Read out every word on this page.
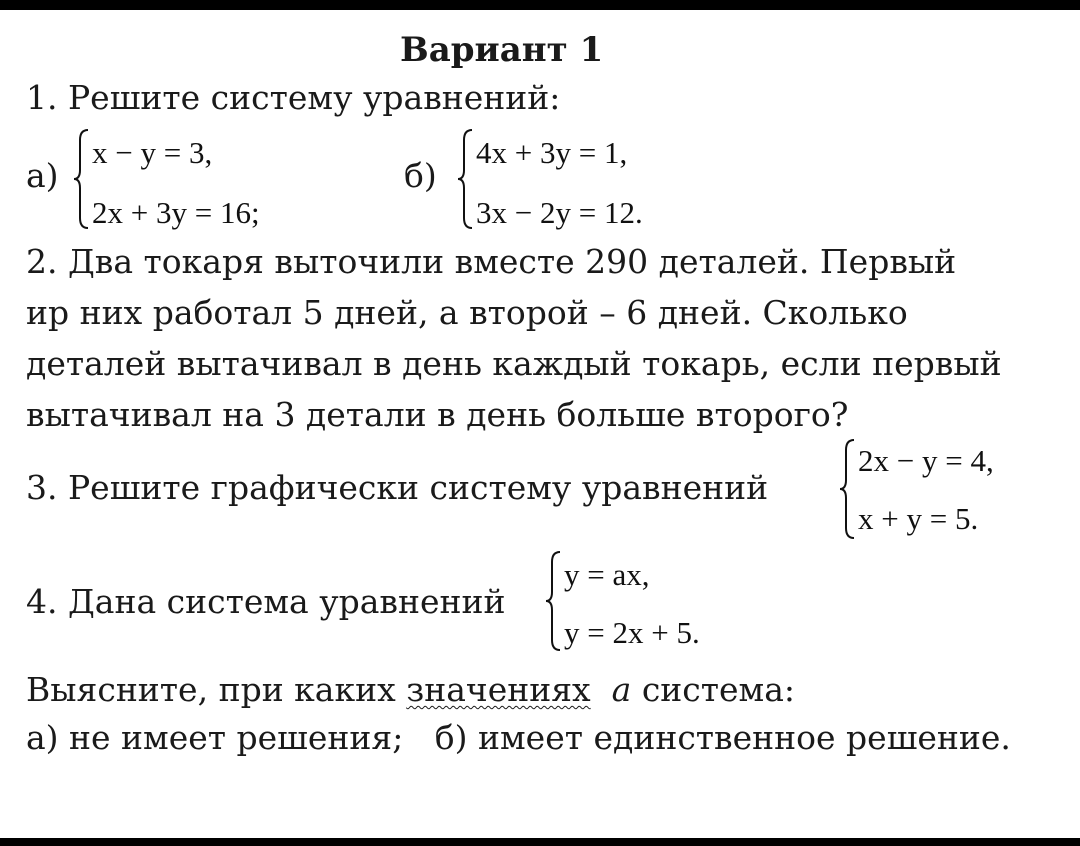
Вариант 1
1. Решите систему уравнений:
а)
x − y = 3,
2x + 3y = 16;
б)
4x + 3y = 1,
3x − 2y = 12.
2. Два токаря выточили вместе 290 деталей. Первый
ир них работал 5 дней, а второй – 6 дней. Сколько
деталей вытачивал в день каждый токарь, если первый
вытачивал на 3 детали в день больше второго?
3. Решите графически систему уравнений
2x − y = 4,
x + y = 5.
4. Дана система уравнений
y = ax,
y = 2x + 5.
Выясните, при каких значениях a система:
а) не имеет решения;   б) имеет единственное решение.
